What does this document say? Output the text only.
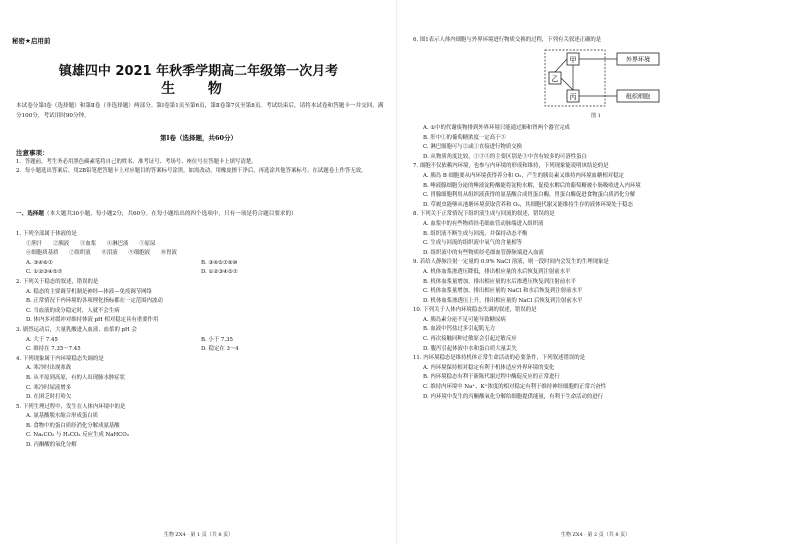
秘密★启用前
镇雄四中 2021 年秋季学期高二年级第一次月考
生 物
本试卷分第Ⅰ卷（选择题）和第Ⅱ卷（非选择题）两部分。第Ⅰ卷第1页至第6页，第Ⅱ卷第7页至第8页。考试结束后，请将本试卷和答题卡一并交回。满分100分，考试用时90分钟。
第Ⅰ卷（选择题，共60分）
注意事项：
1．答题前，考生务必用黑色碳素笔将自己的姓名、准考证号、考场号、座位号在答题卡上填写清楚。
2．每小题选出答案后，用2B铅笔把答题卡上对应题目的答案标号涂黑。如需改动，用橡皮擦干净后，再选涂其他答案标号。在试题卷上作答无效。
一、选择题（本大题共30小题，每小题2分，共60分。在每小题给出的四个选项中，只有一项是符合题目要求的）
1. 下列全部属于体液的是
①胆汁　　②胰液　　③血浆　　④淋巴液　　⑤原尿
⑥细胞质基质　　⑦组织液　　⑧泪液　　⑨细胞液　　⑩胃液
A. ③④⑥⑦	B. ③④⑤⑦⑨⑩
C. ①②③④⑤⑦	D. ①②③④⑤⑦
2. 下列关于稳态的叙述，错误的是
A. 稳态的主要调节机制是神经—体液—免疫调节网络
B. 正常情况下内环境的各项理化指标都在一定范围内波动
C. 当血液的成分稳定时，人就不会生病
D. 体内多对缓冲对维持体液 pH 相对稳定具有重要作用
3. 剧烈运动后，大量乳酸进入血液，血浆的 pH 会
A. 大于 7.45	B. 小于 7.35
C. 维持在 7.35～7.45	D. 稳定在 3～4
4. 下列现象属于内环境稳态失调的是
A. 寒冷时出现寒战
B. 从平原到高原，有的人出现肺水肿症状
C. 寒冷时尿液增多
D. 在困乏时打哈欠
5. 下列生理过程中，发生在人体内环境中的是
A. 氨基酸脱水缩合形成蛋白质
B. 食物中的蛋白质经消化分解成氨基酸
C. Na₂CO₃ 与 H₂CO₃ 反应生成 NaHCO₃
D. 丙酮酸的氧化分解
生物 ZX4 · 第 1 页（共 8 页）
6. 图1表示人体内细胞与外界环境进行物质交换的过程，下列有关叙述正确的是
甲
乙
丙
外界环境
组织细胞
图 1
A. ①中的代谢废物排到外界环境只能通过肺和肾两个器官完成
B. 肝中①的葡萄糖浓度一定高于③
C. 淋巴细胞可与②或①直接进行物质交换
D. 从物质角度比较，①③③的主要区别是③中含有较多的可溶性蛋白
7. 细胞不仅依赖内环境，也参与内环境的形成和维持，下列现象能说明该结论的是
A. 胰岛 B 细胞要从内环境获得养分和 O₂，产生的胰岛素又维持内环境血糖相对稳定
B. 唾液腺细胞分泌的唾液淀粉酶能将淀粉水解，促使水解后的葡萄糖被小肠吸收进入内环境
C. 胃腺细胞利用从组织液获得的氨基酸合成胃蛋白酶，胃蛋白酶促进食物蛋白质消化分解
D. 草履虫能够从池塘环境获取营养和 O₂，其细胞代谢又能维持生存的液体环境处于稳态
8. 下列关于正常情况下组织液生成与回流的叙述，错误的是
A. 血浆中的有些物质经毛细血管动脉端进入组织液
B. 组织液不断生成与回流，并保持动态平衡
C. 生成与回流的组织液中氧气的含量相等
D. 组织液中的有些物质经毛细血管静脉端进入血液
9. 若给人静脉注射一定量的 0.9% NaCl 溶液，则一段时间内会发生的生理现象是
A. 机体血浆渗透压降低，排出相应量的水后恢复到注射前水平
B. 机体血浆量增加，排出相应量的水后渗透压恢复到注射前水平
C. 机体血浆量增加，排出相应量的 NaCl 和水后恢复到注射前水平
D. 机体血浆渗透压上升，排出相应量的 NaCl 后恢复到注射前水平
10. 下列关于人体内环境稳态失调的叙述，错误的是
A. 胰岛素分泌不足可能导致糖尿病
B. 血液中钙盐过多引起肌无力
C. 再次接触同种过敏原会引起过敏反应
D. 腹泻引起体液中水和蛋白质大量丢失
11. 内环境稳态是维持机体正常生命活动的必要条件，下列叙述错误的是
A. 内环境保持相对稳定有利于机体适应外界环境的变化
B. 内环境稳态有利于新陈代谢过程中酶促反应的正常进行
C. 维持内环境中 Na⁺、K⁺浓度的相对稳定有利于维持神经细胞的正常兴奋性
D. 内环境中发生的丙酮酸氧化分解给细胞提供能量，有利于生命活动的进行
生物 ZX4 · 第 2 页（共 8 页）
